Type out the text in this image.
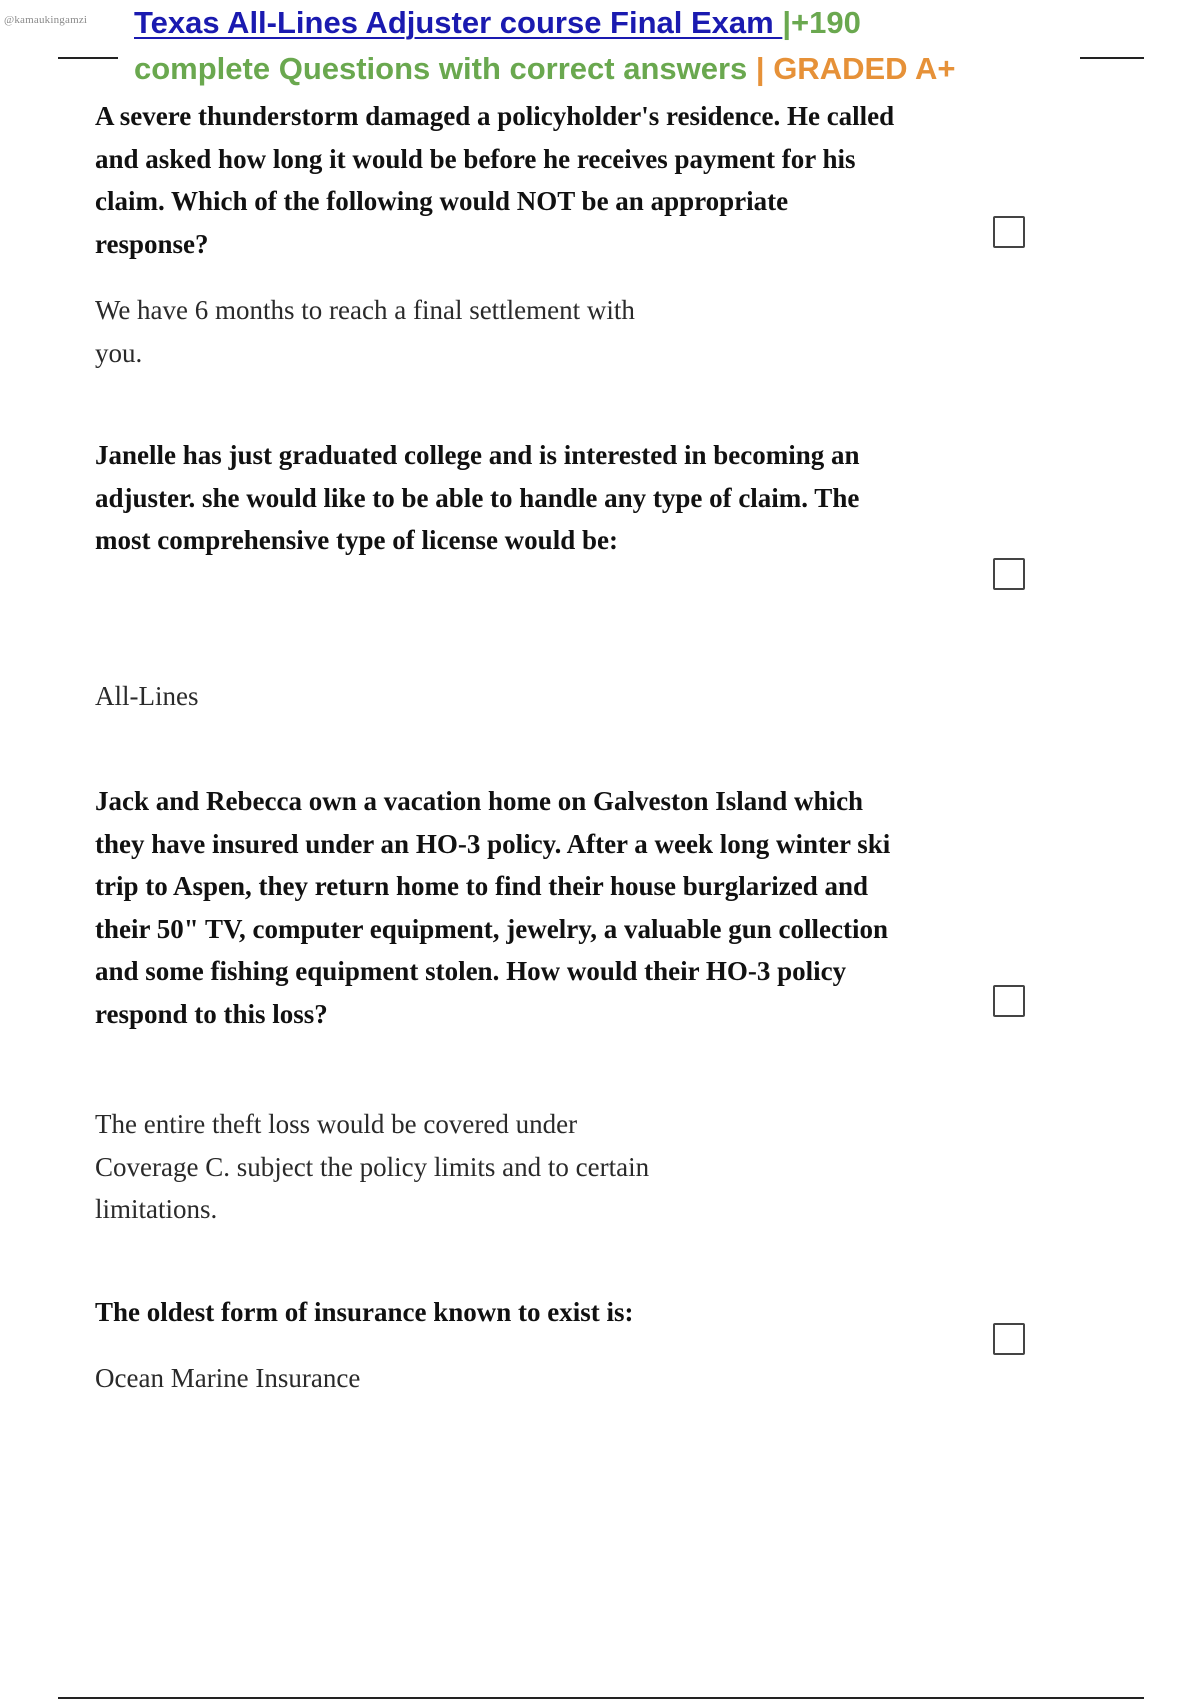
@kamaukingamzi Texas All-Lines Adjuster course Final Exam |+190
complete Questions with correct answers | GRADED A+
A severe thunderstorm damaged a policyholder's residence. He called and asked how long it would be before he receives payment for his claim. Which of the following would NOT be an appropriate response?
We have 6 months to reach a final settlement with you.
Janelle has just graduated college and is interested in becoming an adjuster. she would like to be able to handle any type of claim. The most comprehensive type of license would be:
All-Lines
Jack and Rebecca own a vacation home on Galveston Island which they have insured under an HO-3 policy. After a week long winter ski trip to Aspen, they return home to find their house burglarized and their 50" TV, computer equipment, jewelry, a valuable gun collection and some fishing equipment stolen. How would their HO-3 policy respond to this loss?
The entire theft loss would be covered under Coverage C. subject the policy limits and to certain limitations.
The oldest form of insurance known to exist is:
Ocean Marine Insurance
